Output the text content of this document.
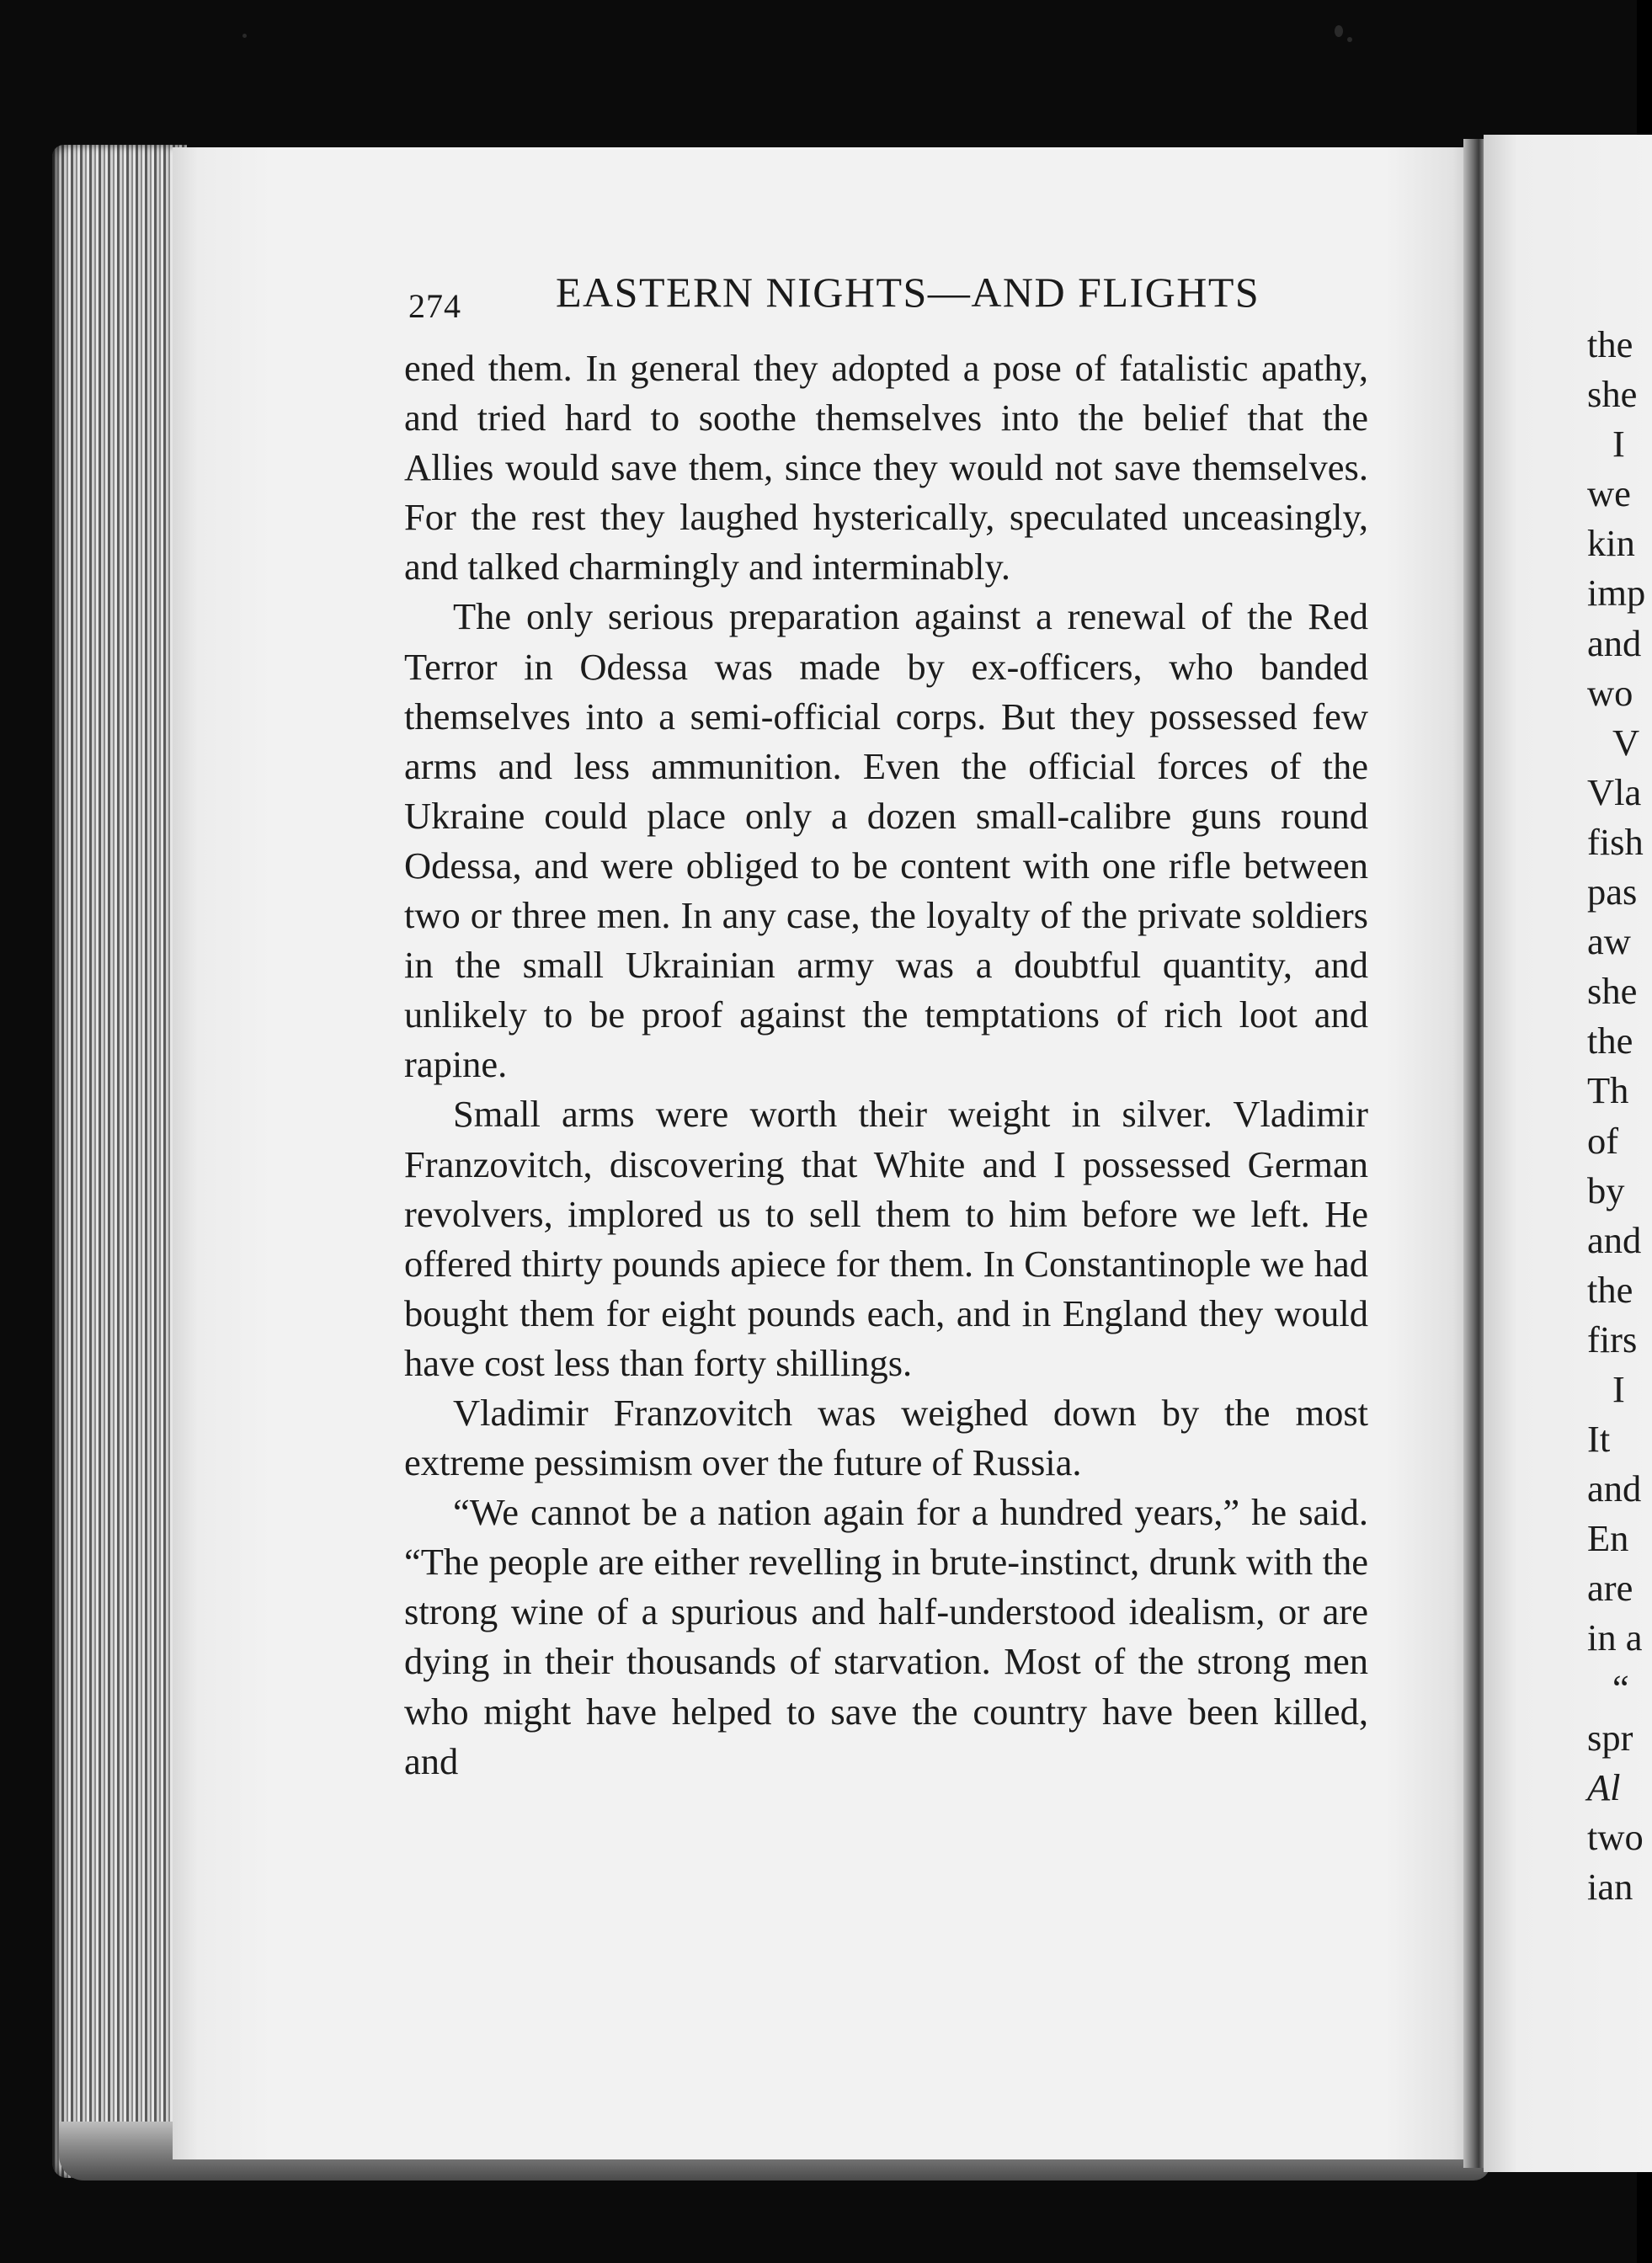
274 EASTERN NIGHTS—AND FLIGHTS

ened them. In general they adopted a pose of fatalistic apathy, and tried hard to soothe themselves into the belief that the Allies would save them, since they would not save themselves. For the rest they laughed hysterically, speculated unceasingly, and talked charmingly and interminably.

The only serious preparation against a renewal of the Red Terror in Odessa was made by ex-officers, who banded themselves into a semi-official corps. But they possessed few arms and less ammunition. Even the official forces of the Ukraine could place only a dozen small-calibre guns round Odessa, and were obliged to be content with one rifle between two or three men. In any case, the loyalty of the private soldiers in the small Ukrainian army was a doubtful quantity, and unlikely to be proof against the temptations of rich loot and rapine.

Small arms were worth their weight in silver. Vladimir Franzovitch, discovering that White and I possessed German revolvers, implored us to sell them to him before we left. He offered thirty pounds apiece for them. In Constantinople we had bought them for eight pounds each, and in England they would have cost less than forty shillings.

Vladimir Franzovitch was weighed down by the most extreme pessimism over the future of Russia.

“We cannot be a nation again for a hundred years,” he said. “The people are either revelling in brute-instinct, drunk with the strong wine of a spurious and half-understood idealism, or are dying in their thousands of starvation. Most of the strong men who might have helped to save the country have been killed, and

the
she
I
we
kin
imp
and
wo
V
Vla
fish
pas
aw
she
the
Th
of
by
and
the
firs
I
It
and
En
are
in a
“
spr
Al
two
ian
